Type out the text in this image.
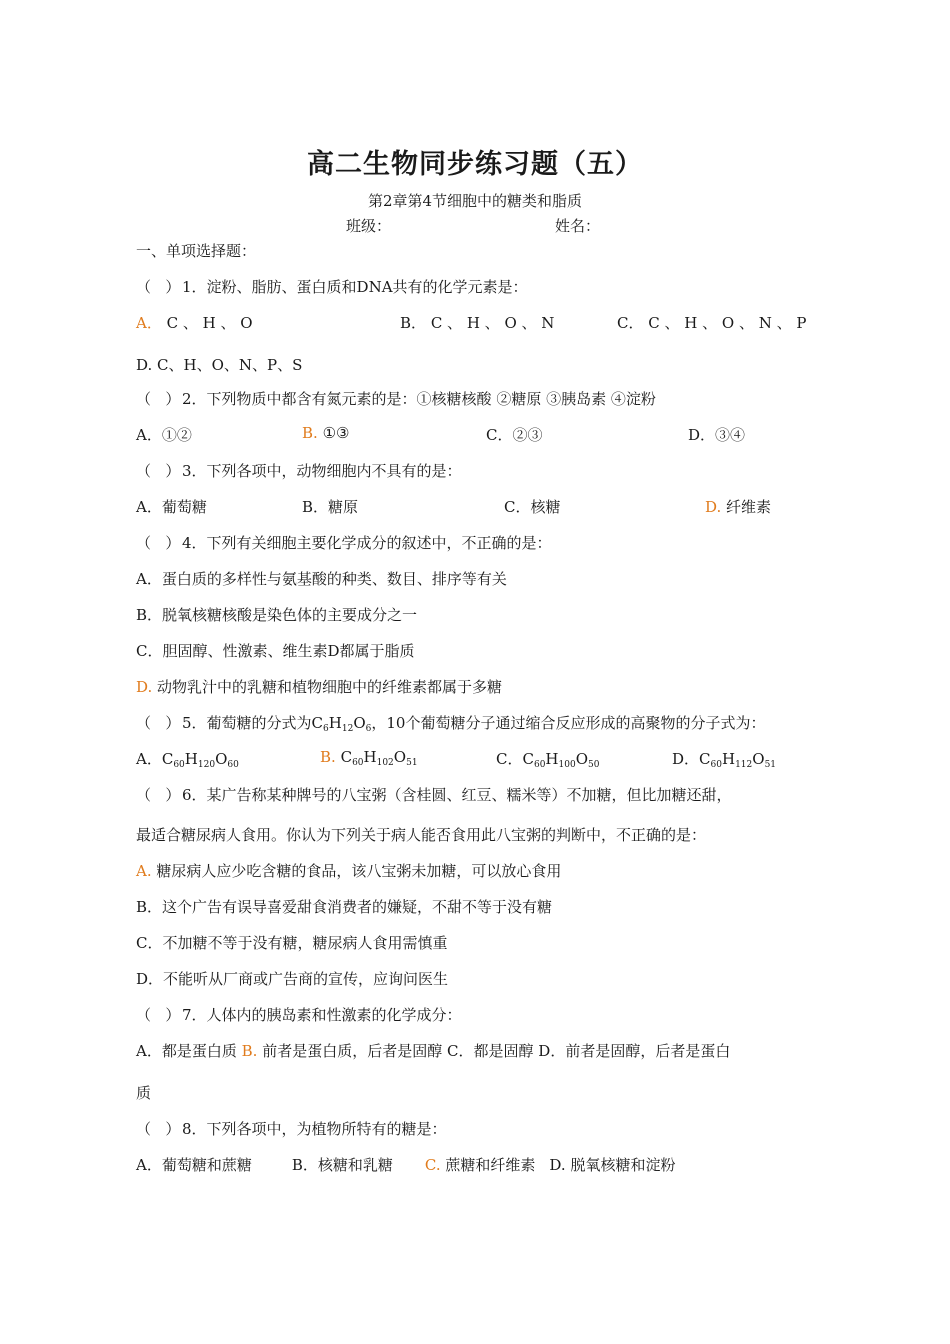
高二生物同步练习题（五）
第2章第4节细胞中的糖类和脂质
班级：	姓名：
一、单项选择题：
（ ） 1．淀粉、脂肪、蛋白质和DNA共有的化学元素是：
A． C 、 H 、 O	B． C 、 H 、 O 、 N	C． C 、 H 、 O 、 N 、 P
D. C、H、O、N、P、S
（ ） 2．下列物质中都含有氮元素的是：①核糖核酸 ②糖原 ③胰岛素 ④淀粉
A．①②	B. ①③	C．②③	D．③④
（ ） 3．下列各项中，动物细胞内不具有的是：
A．葡萄糖	B．糖原	C．核糖	D. 纤维素
（ ） 4．下列有关细胞主要化学成分的叙述中，不正确的是：
A．蛋白质的多样性与氨基酸的种类、数目、排序等有关
B．脱氧核糖核酸是染色体的主要成分之一
C．胆固醇、性激素、维生素D都属于脂质
D. 动物乳汁中的乳糖和植物细胞中的纤维素都属于多糖
（ ） 5．葡萄糖的分式为$C_6H_{12}O_6$，10个葡萄糖分子通过缩合反应形成的高聚物的分子式为：
A．$C_{60}H_{120}O_{60}$	B. $C_{60}H_{102}O_{51}$	C．$C_{60}H_{100}O_{50}$	D．$C_{60}H_{112}O_{51}$
（ ） 6．某广告称某种牌号的八宝粥（含桂圆、红豆、糯米等）不加糖，但比加糖还甜，
最适合糖尿病人食用。你认为下列关于病人能否食用此八宝粥的判断中，不正确的是：
A. 糖尿病人应少吃含糖的食品，该八宝粥未加糖，可以放心食用
B．这个广告有误导喜爱甜食消费者的嫌疑，不甜不等于没有糖
C．不加糖不等于没有糖，糖尿病人食用需慎重
D．不能听从厂商或广告商的宣传，应询问医生
（ ） 7．人体内的胰岛素和性激素的化学成分：
A．都是蛋白质 B. 前者是蛋白质，后者是固醇 C．都是固醇 D．前者是固醇，后者是蛋白
质
（ ） 8．下列各项中，为植物所特有的糖是：
A．葡萄糖和蔗糖	B．核糖和乳糖 C. 蔗糖和纤维素 D. 脱氧核糖和淀粉
